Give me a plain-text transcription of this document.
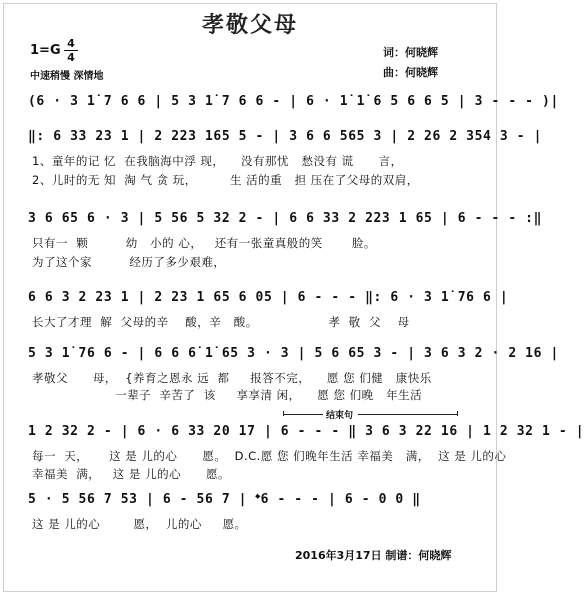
孝敬父母
1=G 4
4
中速稍慢 深情地
词：何晓辉
曲：何晓辉
(6 · 3 1̇ 7 6 6 | 5 3 1̇ 7 6 6 - | 6 · 1̇ 1̇ 6 5 6 6 5 | 3 - - - )|
‖: 6 33 23 1 | 2 223 165 5 - | 3 6 6 565 3 | 2 26 2 354 3 - |
1、童年的记 忆  在我脑海中浮 现，    没有那忧   愁没有 谎      言，
2、儿时的无 知  淘 气 贪 玩，        生 活的重   担 压在了父母的双肩，
3 6 65 6 · 3 | 5 56 5 32 2 - | 6 6 33 2 223 1 65 | 6 - - - :‖
只有一  颗         幼   小的 心，   还有一张童真般的笑       脸。
为了这个家         经历了多少艰难，
6 6 3 2 23 1 | 2 23 1 65 6 05 | 6 - - - ‖: 6 · 3 1̇ 76 6 |
长大了才理  解  父母的辛    酸，辛   酸。                 孝  敬  父    母
5 3 1̇ 76 6 - | 6 6 6̇ 1̇ 65 3 · 3 | 5 6 65 3 - | 3 6 3 2 · 2 16 |
孝敬父      母，  {养育之恩永 远  都     报答不完，    愿 您 们健   康快乐
一辈子  辛苦了  该     享享清 闲，    愿 您 们晚   年生活
结束句
1 2 32 2 - | 6 · 6 33 20 17 | 6 - - - ‖ 3 6 3 22 16 | 1 2 32 1 - |
每一  天，     这 是 儿的心      愿。  D.C.愿 您 们晚年生活 幸福美   满，  这 是 儿的心
幸福美  满，   这 是 儿的心      愿。
5 · 5 56 7 53 | 6 - 56 7 | 𝄌6 - - - | 6 - 0 0 ‖
这 是 儿的心        愿，  儿的心     愿。
2016年3月17日 制谱：何晓辉
